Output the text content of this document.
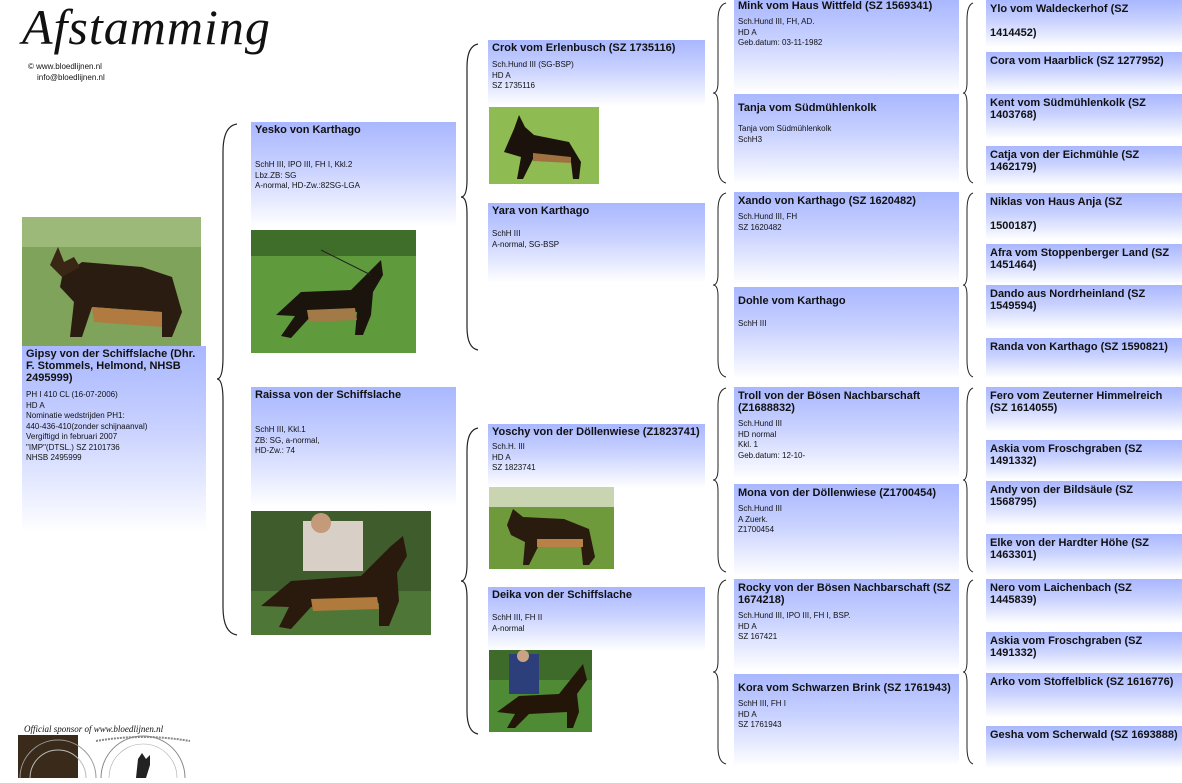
Afstamming
© www.bloedlijnen.nl
info@bloedlijnen.nl
Gipsy von der Schiffslache (Dhr. F. Stommels, Helmond, NHSB 2495999)
PH I 410 CL (16-07-2006)
HD A
Nominatie wedstrijden PH1:
440-436-410(zonder schijnaanval)
Vergiftigd in februari 2007
"IMP"(DTSL.) SZ 2101736
NHSB 2495999
Yesko von Karthago
SchH III, IPO III, FH I, Kkl.2
Lbz.ZB: SG
A-normal, HD-Zw.:82SG-LGA
Raissa von der Schiffslache
SchH III, Kkl.1
ZB: SG, a-normal,
HD-Zw.: 74
Crok vom Erlenbusch (SZ 1735116)
Sch.Hund III (SG-BSP)
HD A
SZ 1735116
Yara von Karthago
SchH III
A-normal, SG-BSP
Yoschy von der Döllenwiese (Z1823741)
Sch.H. III
HD A
SZ 1823741
Deika von der Schiffslache
SchH III, FH II
A-normal
Mink vom Haus Wittfeld (SZ 1569341)
Sch.Hund III, FH, AD.
HD A
Geb.datum: 03-11-1982
Tanja vom Südmühlenkolk
Tanja vom Südmühlenkolk
SchH3
Xando von Karthago (SZ 1620482)
Sch.Hund III, FH
SZ 1620482
Dohle vom Karthago
SchH III
Troll von der Bösen Nachbarschaft (Z1688832)
Sch.Hund III
HD normal
Kkl. 1
Geb.datum: 12-10-
Mona von der Döllenwiese (Z1700454)
Sch.Hund III
A Zuerk.
Z1700454
Rocky von der Bösen Nachbarschaft (SZ 1674218)
Sch.Hund III, IPO III, FH I, BSP.
HD A
SZ 167421
Kora vom Schwarzen Brink (SZ 1761943)
SchH III, FH I
HD A
SZ 1761943
Ylo vom Waldeckerhof (SZ

1414452)
Cora vom Haarblick (SZ 1277952)
Kent vom Südmühlenkolk (SZ 1403768)
Catja von der Eichmühle (SZ 1462179)
Niklas von Haus Anja (SZ

1500187)
Afra vom Stoppenberger Land (SZ 1451464)
Dando aus Nordrheinland (SZ 1549594)
Randa von Karthago (SZ 1590821)
Fero vom Zeuterner Himmelreich (SZ 1614055)
Askia vom Froschgraben (SZ 1491332)
Andy von der Bildsäule (SZ 1568795)
Elke von der Hardter Höhe (SZ 1463301)
Nero vom Laichenbach (SZ 1445839)
Askia vom Froschgraben (SZ 1491332)
Arko vom Stoffelblick (SZ 1616776)
Gesha vom Scherwald (SZ 1693888)
Official sponsor of www.bloedlijnen.nl
